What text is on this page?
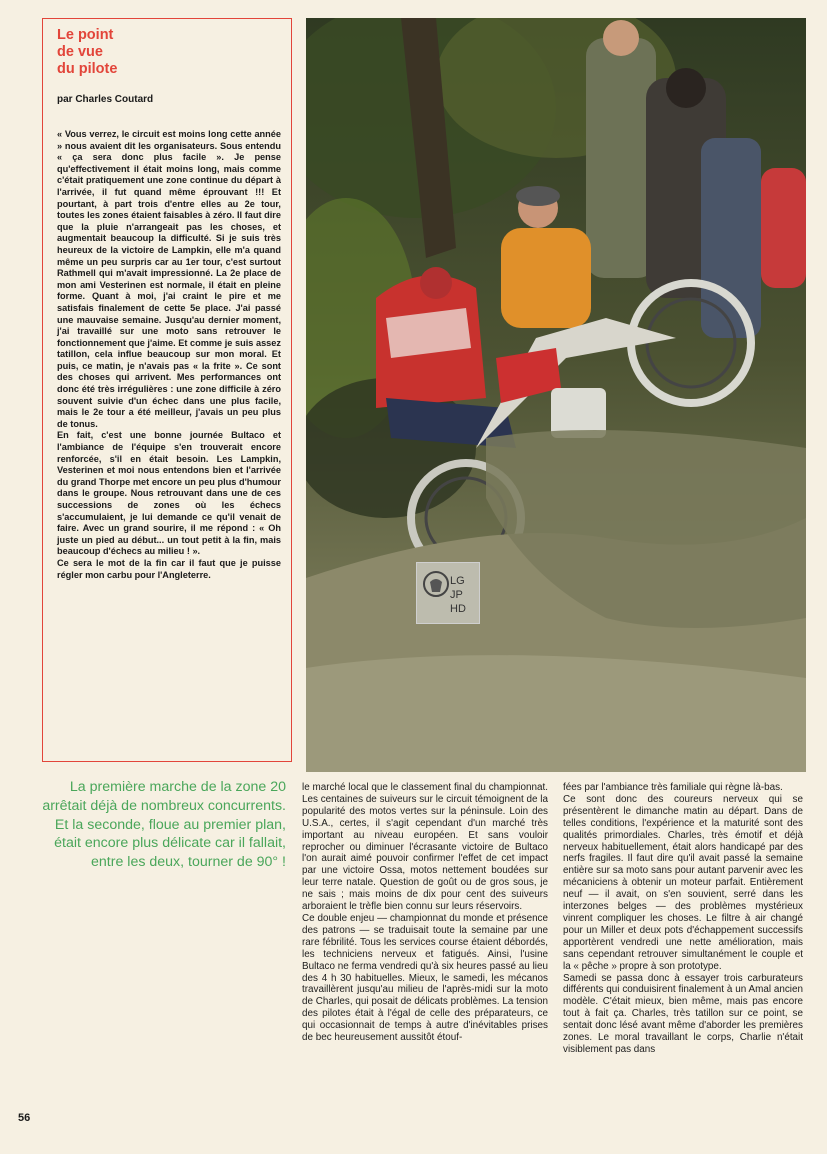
Le point
de vue
du pilote
par Charles Coutard

« Vous verrez, le circuit est moins long cette année » nous avaient dit les organisateurs. Sous entendu « ça sera donc plus facile ». Je pense qu'effectivement il était moins long, mais comme c'était pratiquement une zone continue du départ à l'arrivée, il fut quand même éprouvant !!! Et pourtant, à part trois d'entre elles au 2e tour, toutes les zones étaient faisables à zéro. Il faut dire que la pluie n'arrangeait pas les choses, et augmentait beaucoup la difficulté. Si je suis très heureux de la victoire de Lampkin, elle m'a quand même un peu surpris car au 1er tour, c'est surtout Rathmell qui m'avait impressionné. La 2e place de mon ami Vesterinen est normale, il était en pleine forme. Quant à moi, j'ai craint le pire et me satisfais finalement de cette 5e place. J'ai passé une mauvaise semaine. Jusqu'au dernier moment, j'ai travaillé sur une moto sans retrouver le fonctionnement que j'aime. Et comme je suis assez tatillon, cela influe beaucoup sur mon moral. Et puis, ce matin, je n'avais pas « la frite ». Ce sont des choses qui arrivent. Mes performances ont donc été très irrégulières : une zone difficile à zéro souvent suivie d'un échec dans une plus facile, mais le 2e tour a été meilleur, j'avais un peu plus de tonus.

En fait, c'est une bonne journée Bultaco et l'ambiance de l'équipe s'en trouverait encore renforcée, s'il en était besoin. Les Lampkin, Vesterinen et moi nous entendons bien et l'arrivée du grand Thorpe met encore un peu plus d'humour dans le groupe. Nous retrouvant dans une de ces successions de zones où les échecs s'accumulaient, je lui demande ce qu'il venait de faire. Avec un grand sourire, il me répond : « Oh juste un pied au début... un tout petit à la fin, mais beaucoup d'échecs au milieu ! ».

Ce sera le mot de la fin car il faut que je puisse régler mon carbu pour l'Angleterre.

LG
JP
HD
La première marche de la zone 20 arrêtait déjà de nombreux concurrents. Et la seconde, floue au premier plan, était encore plus délicate car il fallait, entre les deux, tourner de 90° !

le marché local que le classement final du championnat. Les centaines de suiveurs sur le circuit témoignent de la popularité des motos vertes sur la péninsule. Loin des U.S.A., certes, il s'agit cependant d'un marché très important au niveau européen. Et sans vouloir reprocher ou diminuer l'écrasante victoire de Bultaco l'on aurait aimé pouvoir confirmer l'effet de cet impact par une victoire Ossa, motos nettement boudées sur leur terre natale. Question de goût ou de gros sous, je ne sais ; mais moins de dix pour cent des suiveurs arboraient le trèfle bien connu sur leurs réservoirs.

Ce double enjeu — championnat du monde et présence des patrons — se traduisait toute la semaine par une rare fébrilité. Tous les services course étaient débordés, les techniciens nerveux et fatigués. Ainsi, l'usine Bultaco ne ferma vendredi qu'à six heures passé au lieu des 4 h 30 habituelles. Mieux, le samedi, les mécanos travaillèrent jusqu'au milieu de l'après-midi sur la moto de Charles, qui posait de délicats problèmes. La tension des pilotes était à l'égal de celle des préparateurs, ce qui occasionnait de temps à autre d'inévitables prises de bec heureusement aussitôt étouf-

fées par l'ambiance très familiale qui règne là-bas.

Ce sont donc des coureurs nerveux qui se présentèrent le dimanche matin au départ. Dans de telles conditions, l'expérience et la maturité sont des qualités primordiales. Charles, très émotif et déjà nerveux habituellement, était alors handicapé par des nerfs fragiles. Il faut dire qu'il avait passé la semaine entière sur sa moto sans pour autant parvenir avec les mécaniciens à obtenir un moteur parfait. Entièrement neuf — il avait, on s'en souvient, serré dans les interzones belges — des problèmes mystérieux vinrent compliquer les choses. Le filtre à air changé pour un Miller et deux pots d'échappement successifs apportèrent vendredi une nette amélioration, mais sans cependant retrouver simultanément le couple et la « pêche » propre à son prototype.

Samedi se passa donc à essayer trois carburateurs différents qui conduisirent finalement à un Amal ancien modèle. C'était mieux, bien même, mais pas encore tout à fait ça. Charles, très tatillon sur ce point, se sentait donc lésé avant même d'aborder les premières zones. Le moral travaillant le corps, Charlie n'était visiblement pas dans

56
